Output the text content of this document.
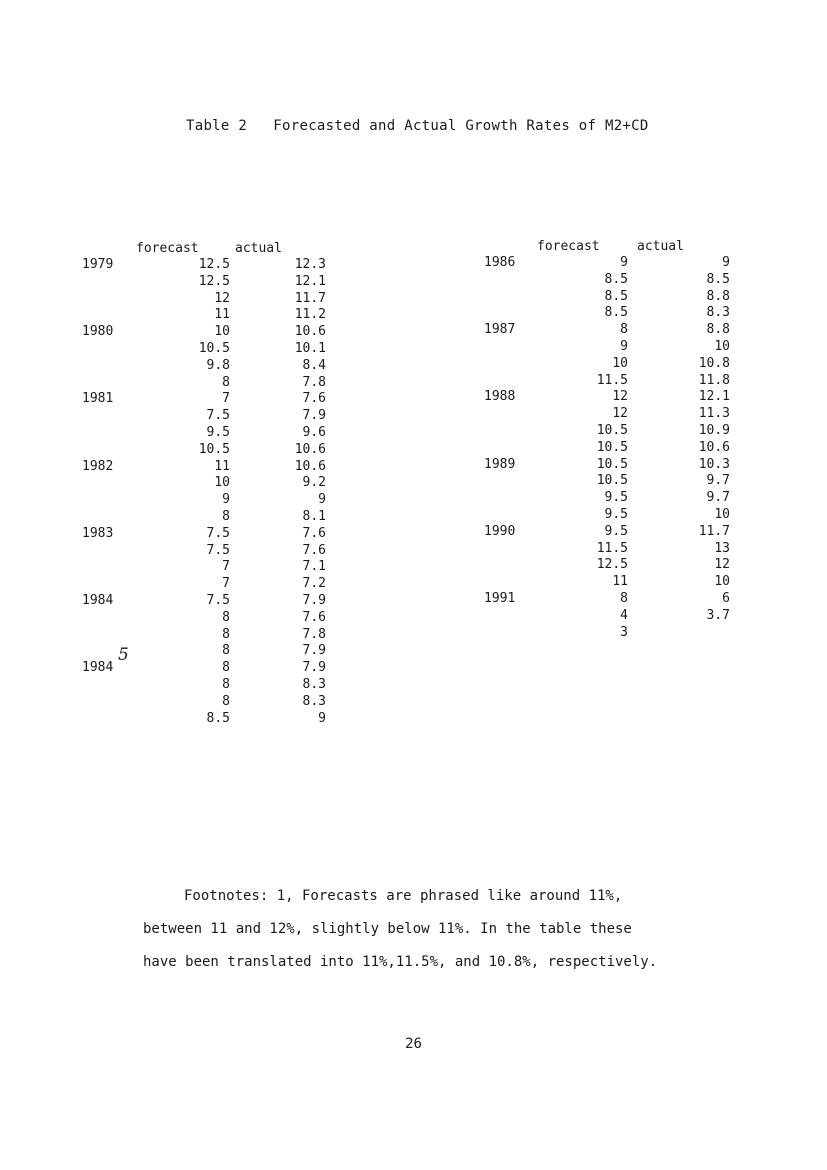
Table 2   Forecasted and Actual Growth Rates of M2+CD
forecast	actual
1979	12.5	12.3
12.5	12.1
12	11.7
11	11.2
1980	10	10.6
10.5	10.1
9.8	8.4
8	7.8
1981	7	7.6
7.5	7.9
9.5	9.6
10.5	10.6
1982	11	10.6
10	9.2
9	9
8	8.1
1983	7.5	7.6
7.5	7.6
7	7.1
7	7.2
1984	7.5	7.9
8	7.6
8	7.8
8	7.9
1984	8	7.9
8	8.3
8	8.3
8.5	9
5
forecast	actual
1986	9	9
8.5	8.5
8.5	8.8
8.5	8.3
1987	8	8.8
9	10
10	10.8
11.5	11.8
1988	12	12.1
12	11.3
10.5	10.9
10.5	10.6
1989	10.5	10.3
10.5	9.7
9.5	9.7
9.5	10
1990	9.5	11.7
11.5	13
12.5	12
11	10
1991	8	6
4	3.7
3
Footnotes: 1, Forecasts are phrased like around 11%,
between 11 and 12%, slightly below 11%. In the table these
have been translated into 11%,11.5%, and 10.8%, respectively.
26
